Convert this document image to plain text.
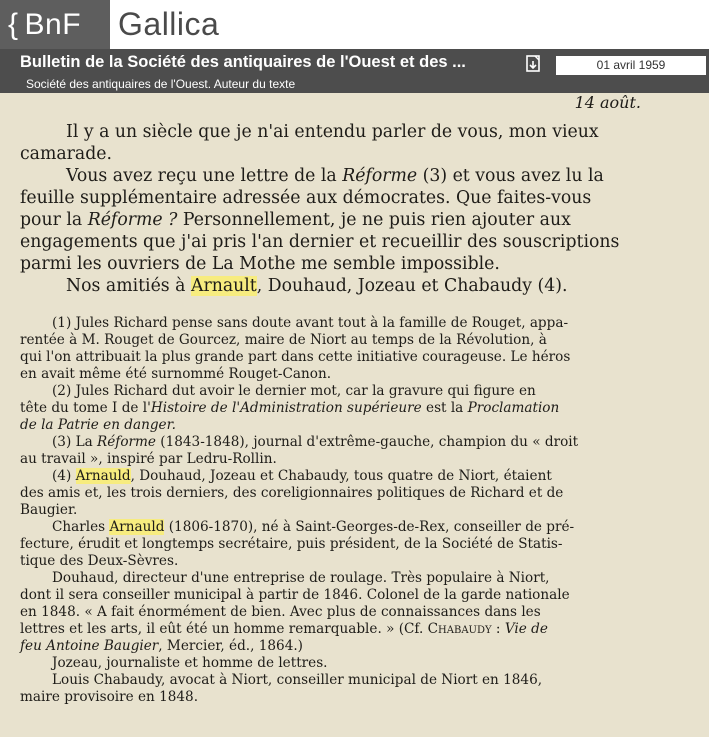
{ BnF	Gallica
Bulletin de la Société des antiquaires de l'Ouest et des ...
Société des antiquaires de l'Ouest. Auteur du texte
01 avril 1959
14 août.
Il y a un siècle que je n'ai entendu parler de vous, mon vieux
camarade.
Vous avez reçu une lettre de la Réforme (3) et vous avez lu la
feuille supplémentaire adressée aux démocrates. Que faites-vous
pour la Réforme ? Personnellement, je ne puis rien ajouter aux
engagements que j'ai pris l'an dernier et recueillir des souscriptions
parmi les ouvriers de La Mothe me semble impossible.
Nos amitiés à Arnault, Douhaud, Jozeau et Chabaudy (4).
(1) Jules Richard pense sans doute avant tout à la famille de Rouget, appa-
rentée à M. Rouget de Gourcez, maire de Niort au temps de la Révolution, à
qui l'on attribuait la plus grande part dans cette initiative courageuse. Le héros
en avait même été surnommé Rouget-Canon.
(2) Jules Richard dut avoir le dernier mot, car la gravure qui figure en
tête du tome I de l'Histoire de l'Administration supérieure est la Proclamation
de la Patrie en danger.
(3) La Réforme (1843-1848), journal d'extrême-gauche, champion du « droit
au travail », inspiré par Ledru-Rollin.
(4) Arnauld, Douhaud, Jozeau et Chabaudy, tous quatre de Niort, étaient
des amis et, les trois derniers, des coreligionnaires politiques de Richard et de
Baugier.
Charles Arnauld (1806-1870), né à Saint-Georges-de-Rex, conseiller de pré-
fecture, érudit et longtemps secrétaire, puis président, de la Société de Statis-
tique des Deux-Sèvres.
Douhaud, directeur d'une entreprise de roulage. Très populaire à Niort,
dont il sera conseiller municipal à partir de 1846. Colonel de la garde nationale
en 1848. « A fait énormément de bien. Avec plus de connaissances dans les
lettres et les arts, il eût été un homme remarquable. » (Cf. Chabaudy : Vie de
feu Antoine Baugier, Mercier, éd., 1864.)
Jozeau, journaliste et homme de lettres.
Louis Chabaudy, avocat à Niort, conseiller municipal de Niort en 1846,
maire provisoire en 1848.
